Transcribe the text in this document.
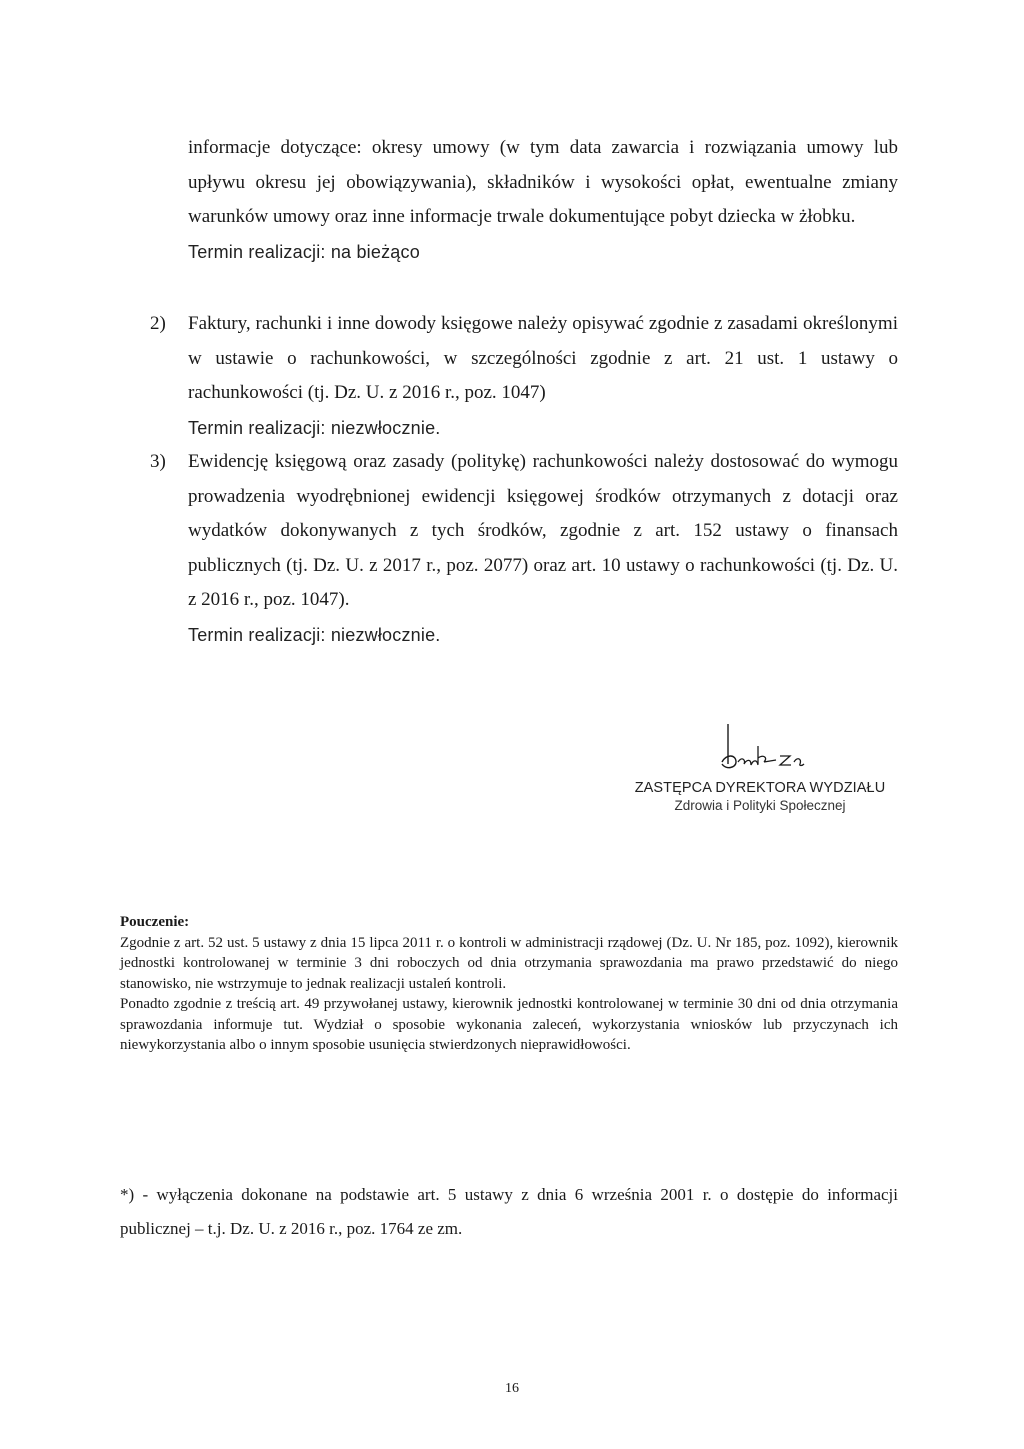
informacje dotyczące: okresy umowy (w tym data zawarcia i rozwiązania umowy lub upływu okresu jej obowiązywania), składników i wysokości opłat, ewentualne zmiany warunków umowy oraz inne informacje trwale dokumentujące pobyt dziecka w żłobku.

Termin realizacji: na bieżąco

2)	Faktury, rachunki i inne dowody księgowe należy opisywać zgodnie z zasadami określonymi w ustawie o rachunkowości, w szczególności zgodnie z art. 21 ust. 1 ustawy o rachunkowości (tj. Dz. U. z 2016 r., poz. 1047)

Termin realizacji: niezwłocznie.

3)	Ewidencję księgową oraz zasady (politykę) rachunkowości należy dostosować do wymogu prowadzenia wyodrębnionej ewidencji księgowej środków otrzymanych z dotacji oraz wydatków dokonywanych z tych środków, zgodnie z art. 152 ustawy o finansach publicznych (tj. Dz. U. z 2017 r., poz. 2077) oraz art. 10 ustawy o rachunkowości (tj. Dz. U. z 2016 r., poz. 1047).

Termin realizacji: niezwłocznie.

ZASTĘPCA DYREKTORA WYDZIAŁU
Zdrowia i Polityki Społecznej

Pouczenie:

Zgodnie z art. 52 ust. 5 ustawy z dnia 15 lipca 2011 r. o kontroli w administracji rządowej (Dz. U. Nr 185, poz. 1092), kierownik jednostki kontrolowanej w terminie 3 dni roboczych od dnia otrzymania sprawozdania ma prawo przedstawić do niego stanowisko, nie wstrzymuje to jednak realizacji ustaleń kontroli.

Ponadto zgodnie z treścią art. 49 przywołanej ustawy, kierownik jednostki kontrolowanej w terminie 30 dni od dnia otrzymania sprawozdania informuje tut. Wydział o sposobie wykonania zaleceń, wykorzystania wniosków lub przyczynach ich niewykorzystania albo o innym sposobie usunięcia stwierdzonych nieprawidłowości.

*) - wyłączenia dokonane na podstawie art. 5 ustawy z dnia 6 września 2001 r. o dostępie do informacji publicznej – t.j. Dz. U. z 2016 r., poz. 1764 ze zm.

16
